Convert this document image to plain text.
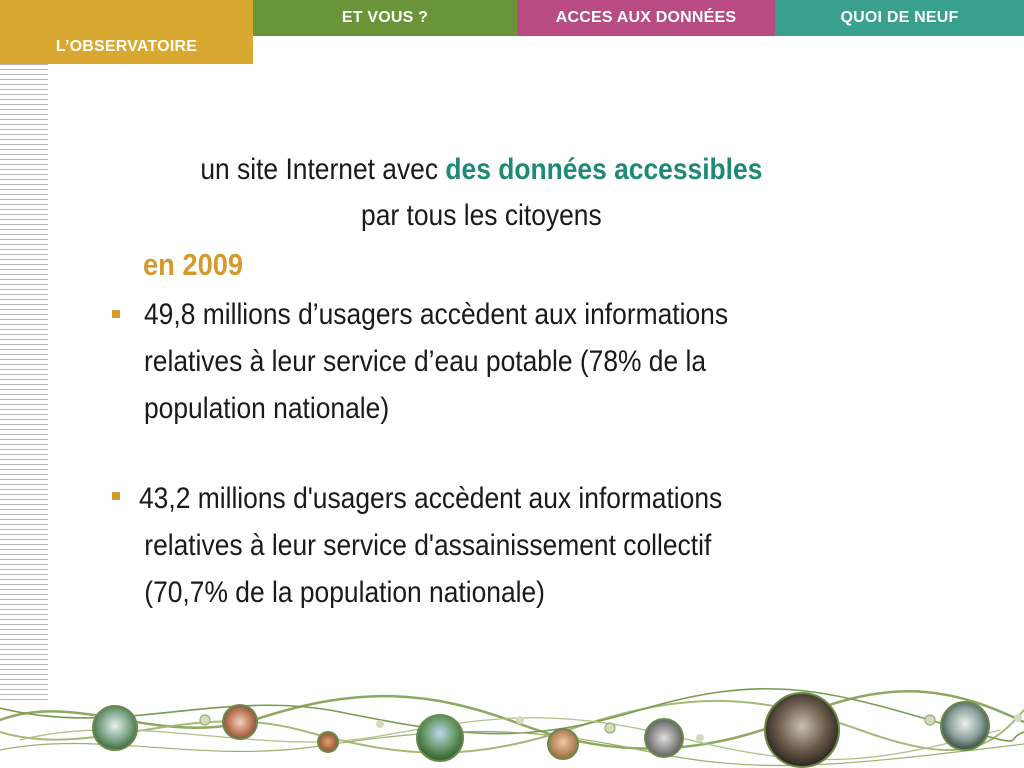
L’OBSERVATOIRE
ET VOUS ?	ACCES AUX DONNÉES	QUOI DE NEUF
un site Internet avec des données accessibles
par tous les citoyens
en 2009
49,8 millions d’usagers accèdent aux informations
relatives à leur service d’eau potable (78% de la
population nationale)
43,2 millions d'usagers accèdent aux informations
relatives à leur service d'assainissement collectif
(70,7% de la population nationale)
